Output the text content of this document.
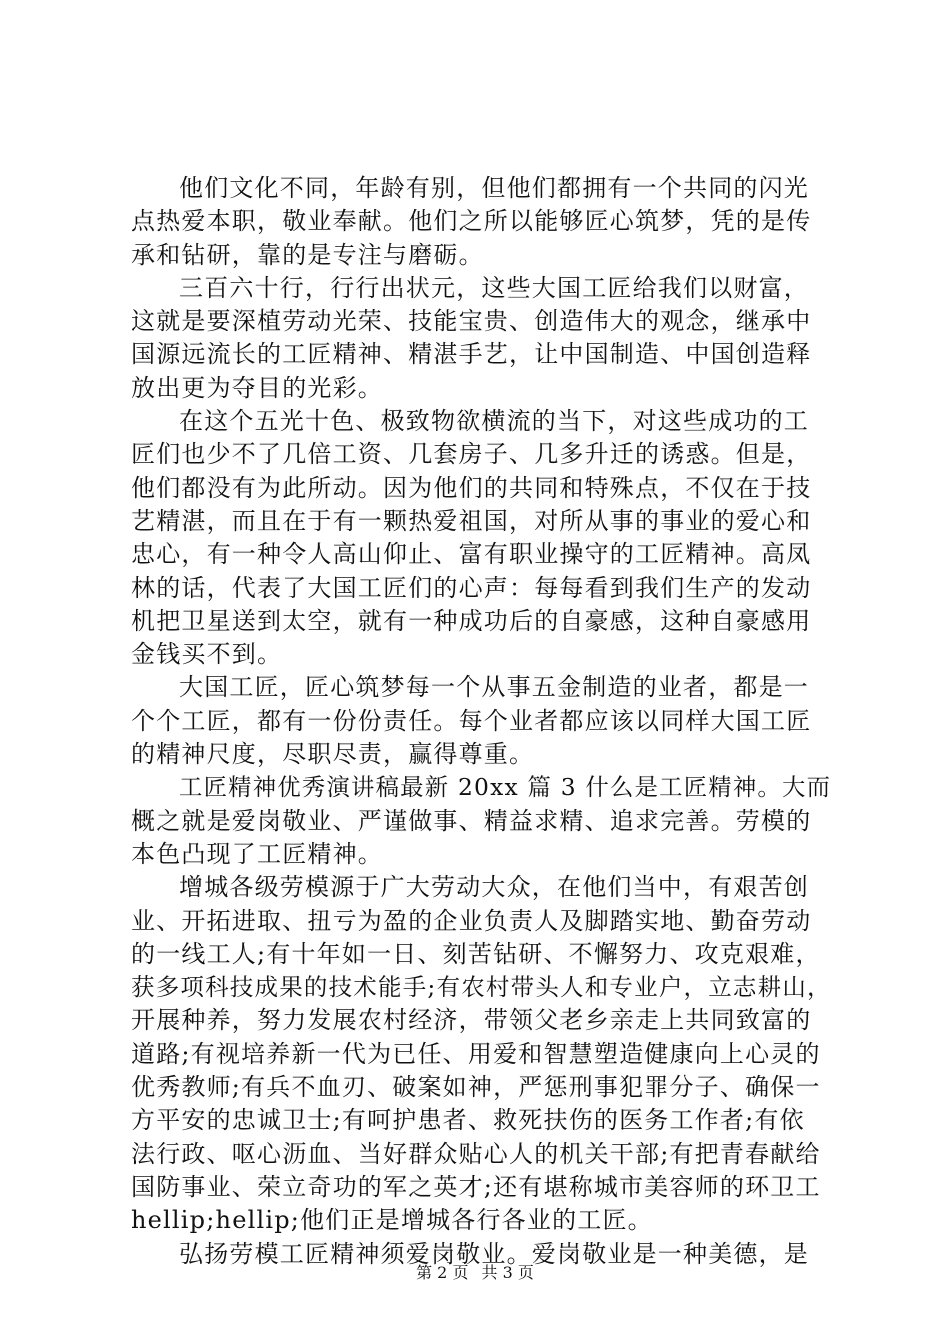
他们文化不同，年龄有别，但他们都拥有一个共同的闪光
点热爱本职，敬业奉献。他们之所以能够匠心筑梦，凭的是传
承和钻研，靠的是专注与磨砺。
三百六十行，行行出状元，这些大国工匠给我们以财富，
这就是要深植劳动光荣、技能宝贵、创造伟大的观念，继承中
国源远流长的工匠精神、精湛手艺，让中国制造、中国创造释
放出更为夺目的光彩。
在这个五光十色、极致物欲横流的当下，对这些成功的工
匠们也少不了几倍工资、几套房子、几多升迁的诱惑。但是，
他们都没有为此所动。因为他们的共同和特殊点，不仅在于技
艺精湛，而且在于有一颗热爱祖国，对所从事的事业的爱心和
忠心，有一种令人高山仰止、富有职业操守的工匠精神。高凤
林的话，代表了大国工匠们的心声：每每看到我们生产的发动
机把卫星送到太空，就有一种成功后的自豪感，这种自豪感用
金钱买不到。
大国工匠，匠心筑梦每一个从事五金制造的业者，都是一
个个工匠，都有一份份责任。每个业者都应该以同样大国工匠
的精神尺度，尽职尽责，赢得尊重。
工匠精神优秀演讲稿最新 20xx 篇 3 什么是工匠精神。大而
概之就是爱岗敬业、严谨做事、精益求精、追求完善。劳模的
本色凸现了工匠精神。
增城各级劳模源于广大劳动大众，在他们当中，有艰苦创
业、开拓进取、扭亏为盈的企业负责人及脚踏实地、勤奋劳动
的一线工人;有十年如一日、刻苦钻研、不懈努力、攻克艰难，
获多项科技成果的技术能手;有农村带头人和专业户，立志耕山，
开展种养，努力发展农村经济，带领父老乡亲走上共同致富的
道路;有视培养新一代为已任、用爱和智慧塑造健康向上心灵的
优秀教师;有兵不血刃、破案如神，严惩刑事犯罪分子、确保一
方平安的忠诚卫士;有呵护患者、救死扶伤的医务工作者;有依
法行政、呕心沥血、当好群众贴心人的机关干部;有把青春献给
国防事业、荣立奇功的军之英才;还有堪称城市美容师的环卫工
hellip;hellip;他们正是增城各行各业的工匠。
弘扬劳模工匠精神须爱岗敬业。爱岗敬业是一种美德，是
第 2 页 共 3 页
